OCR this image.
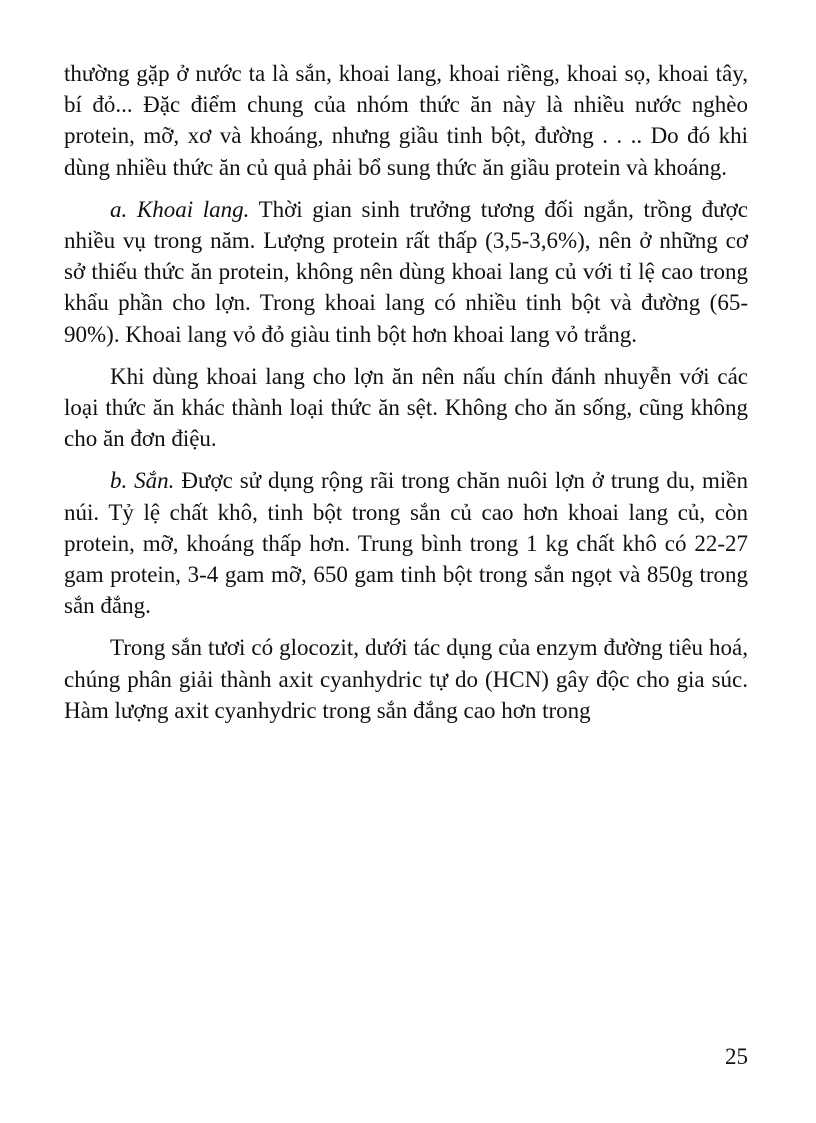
thường gặp ở nước ta là sắn, khoai lang, khoai riềng, khoai sọ, khoai tây, bí đỏ... Đặc điểm chung của nhóm thức ăn này là nhiều nước nghèo protein, mỡ, xơ và khoáng, nhưng giầu tinh bột, đường . . .. Do đó khi dùng nhiều thức ăn củ quả phải bổ sung thức ăn giầu protein và khoáng.

a. Khoai lang. Thời gian sinh trưởng tương đối ngắn, trồng được nhiều vụ trong năm. Lượng protein rất thấp (3,5-3,6%), nên ở những cơ sở thiếu thức ăn protein, không nên dùng khoai lang củ với tỉ lệ cao trong khẩu phần cho lợn. Trong khoai lang có nhiều tinh bột và đường (65-90%). Khoai lang vỏ đỏ giàu tinh bột hơn khoai lang vỏ trắng.

Khi dùng khoai lang cho lợn ăn nên nấu chín đánh nhuyễn với các loại thức ăn khác thành loại thức ăn sệt. Không cho ăn sống, cũng không cho ăn đơn điệu.

b. Sắn. Được sử dụng rộng rãi trong chăn nuôi lợn ở trung du, miền núi. Tỷ lệ chất khô, tinh bột trong sắn củ cao hơn khoai lang củ, còn protein, mỡ, khoáng thấp hơn. Trung bình trong 1 kg chất khô có 22-27 gam protein, 3-4 gam mỡ, 650 gam tinh bột trong sắn ngọt và 850g trong sắn đắng.

Trong sắn tươi có glocozit, dưới tác dụng của enzym đường tiêu hoá, chúng phân giải thành axit cyanhydric tự do (HCN) gây độc cho gia súc. Hàm lượng axit cyanhydric trong sắn đắng cao hơn trong

25
